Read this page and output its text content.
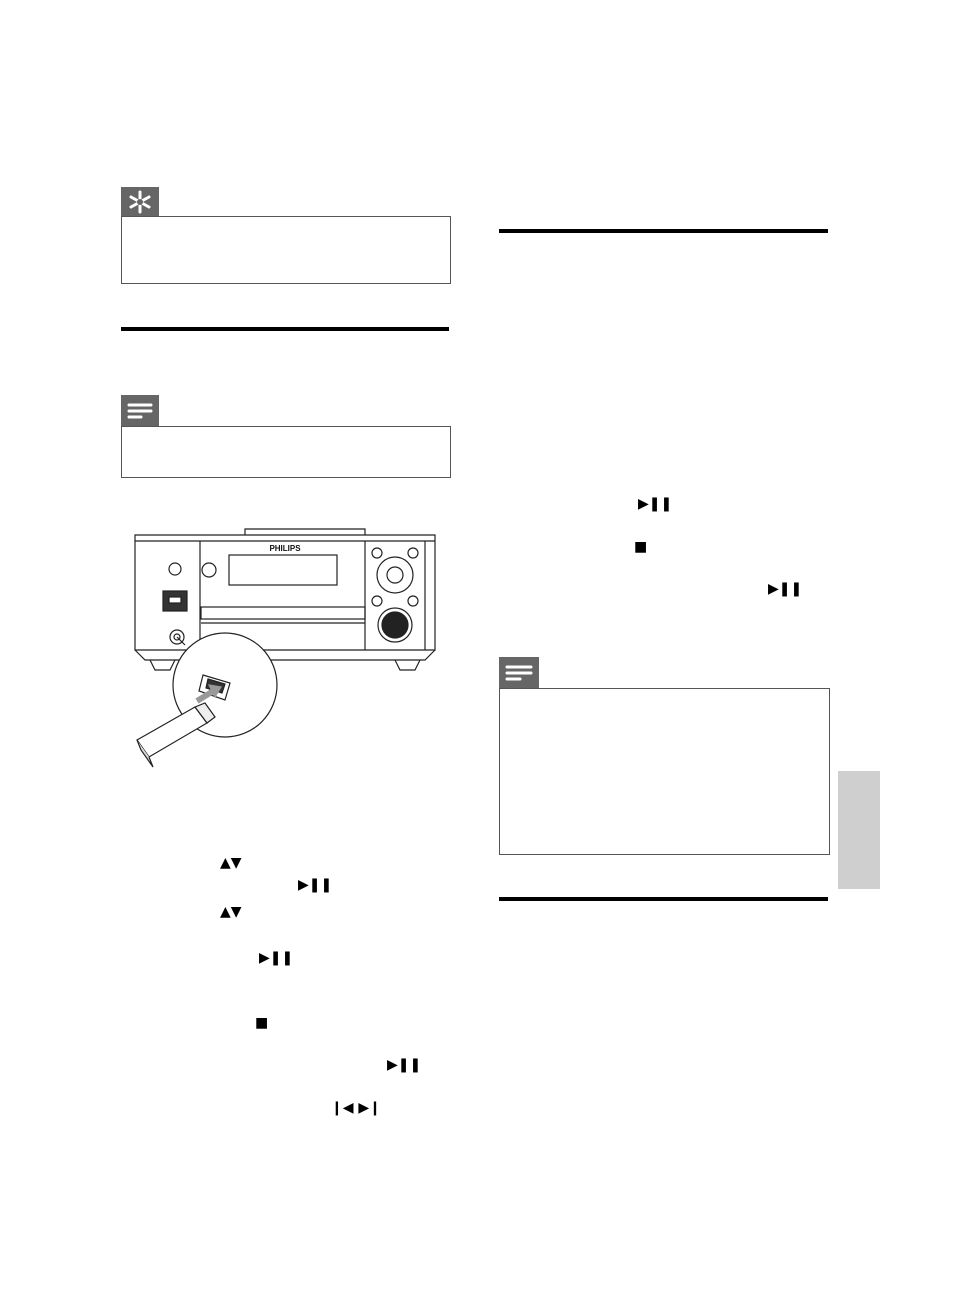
PHILIPS
▲▼
▶❚❚
▲▼
▶❚❚
■
▶❚❚
❙◀ ▶❙
▶❚❚
■
▶❚❚
